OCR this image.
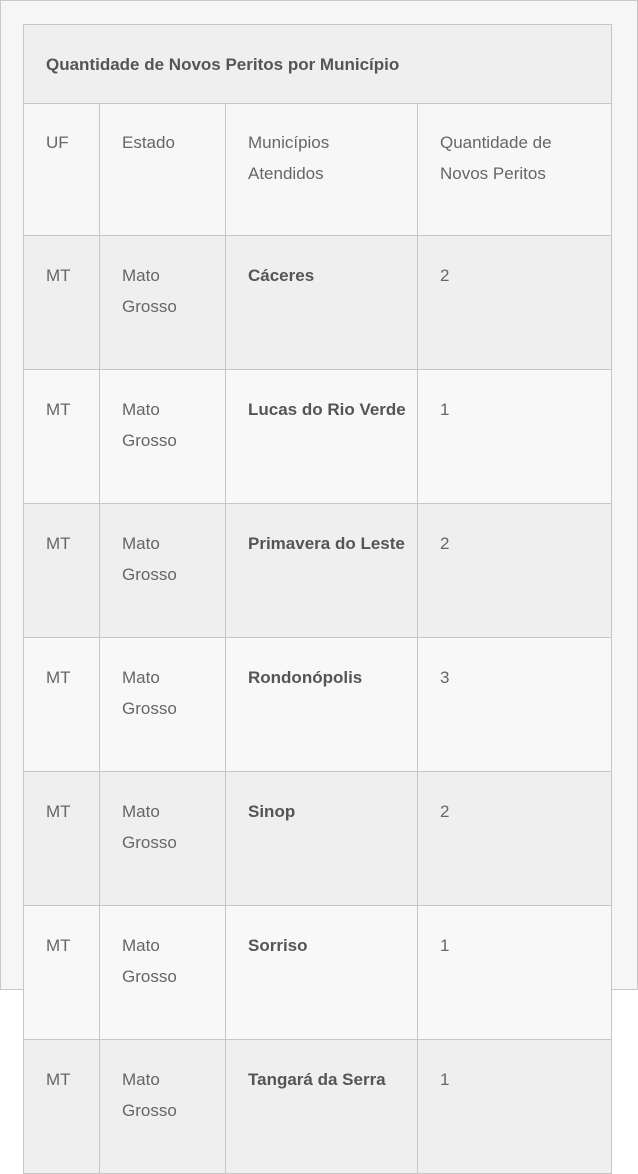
Quantidade de Novos Peritos por Município			

UF	Estado	Municípios Atendidos	Quantidade de Novos Peritos

MT	Mato Grosso	Cáceres	2

MT	Mato Grosso	Lucas do Rio Verde	1

MT	Mato Grosso	Primavera do Leste	2

MT	Mato Grosso	Rondonópolis	3

MT	Mato Grosso	Sinop	2

MT	Mato Grosso	Sorriso	1

MT	Mato Grosso	Tangará da Serra	1
